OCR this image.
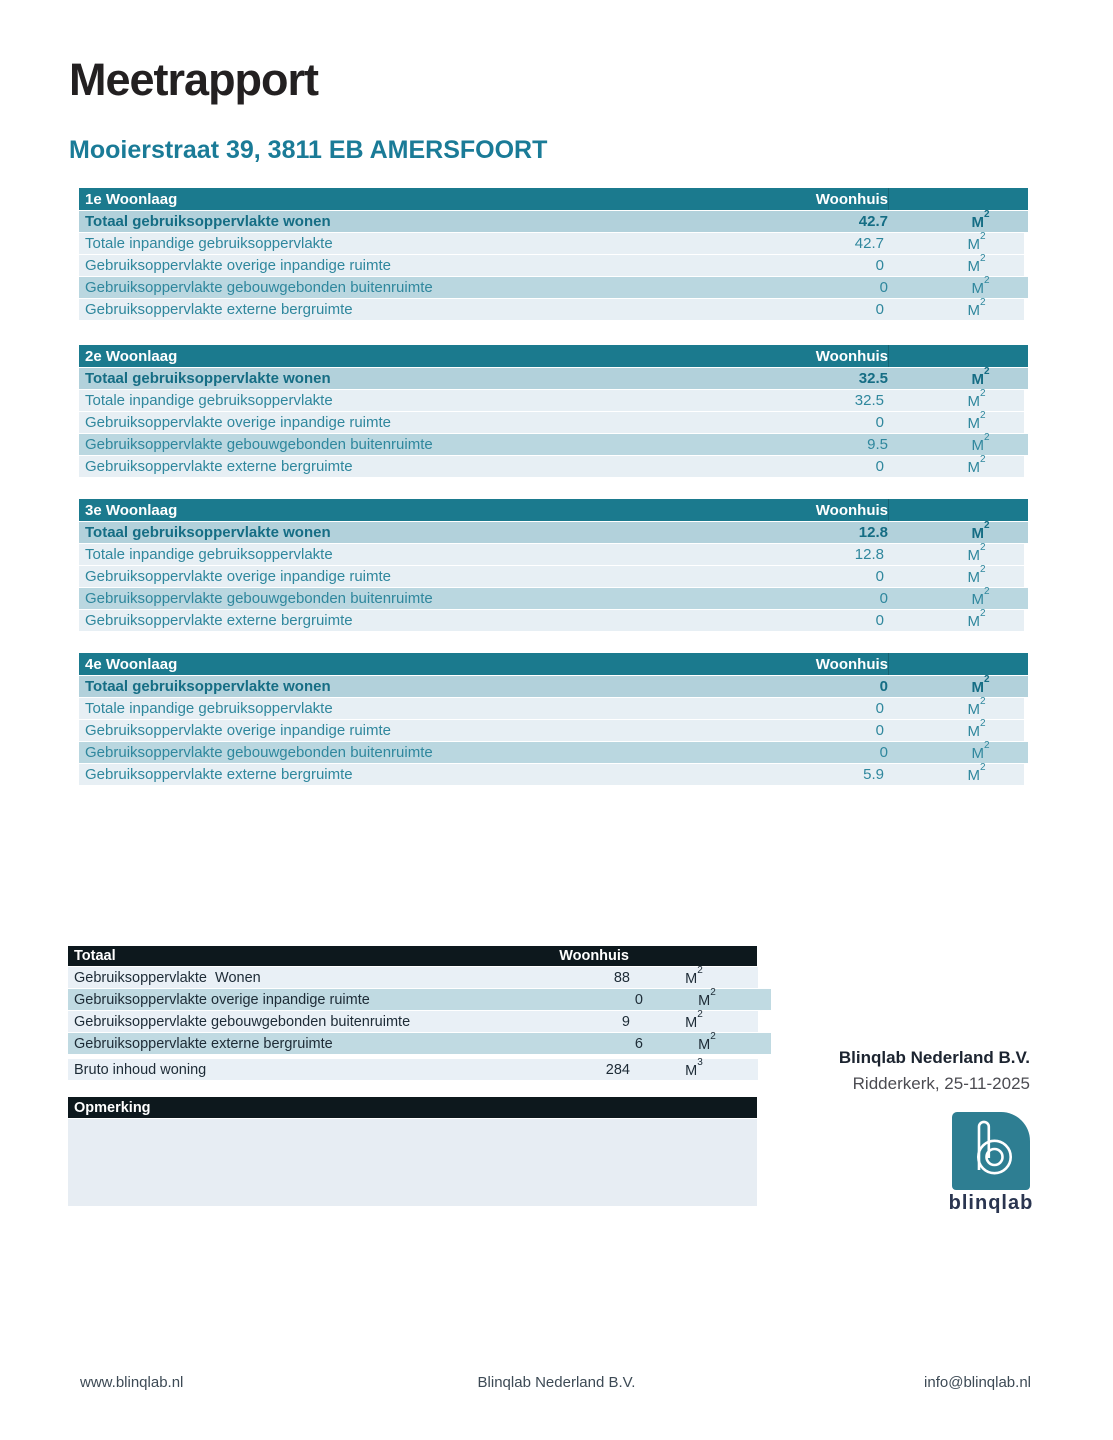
Meetrapport
Mooierstraat 39, 3811 EB AMERSFOORT
1e Woonlaag	Woonhuis
Totaal gebruiksoppervlakte wonen	42.7	$M^2$
Totale inpandige gebruiksoppervlakte	42.7	$M^2$
Gebruiksoppervlakte overige inpandige ruimte	0	$M^2$
Gebruiksoppervlakte gebouwgebonden buitenruimte	0	$M^2$
Gebruiksoppervlakte externe bergruimte	0	$M^2$
2e Woonlaag	Woonhuis
Totaal gebruiksoppervlakte wonen	32.5	$M^2$
Totale inpandige gebruiksoppervlakte	32.5	$M^2$
Gebruiksoppervlakte overige inpandige ruimte	0	$M^2$
Gebruiksoppervlakte gebouwgebonden buitenruimte	9.5	$M^2$
Gebruiksoppervlakte externe bergruimte	0	$M^2$
3e Woonlaag	Woonhuis
Totaal gebruiksoppervlakte wonen	12.8	$M^2$
Totale inpandige gebruiksoppervlakte	12.8	$M^2$
Gebruiksoppervlakte overige inpandige ruimte	0	$M^2$
Gebruiksoppervlakte gebouwgebonden buitenruimte	0	$M^2$
Gebruiksoppervlakte externe bergruimte	0	$M^2$
4e Woonlaag	Woonhuis
Totaal gebruiksoppervlakte wonen	0	$M^2$
Totale inpandige gebruiksoppervlakte	0	$M^2$
Gebruiksoppervlakte overige inpandige ruimte	0	$M^2$
Gebruiksoppervlakte gebouwgebonden buitenruimte	0	$M^2$
Gebruiksoppervlakte externe bergruimte	5.9	$M^2$
Totaal	Woonhuis
Gebruiksoppervlakte  Wonen	88	$M^2$
Gebruiksoppervlakte overige inpandige ruimte	0	$M^2$
Gebruiksoppervlakte gebouwgebonden buitenruimte	9	$M^2$
Gebruiksoppervlakte externe bergruimte	6	$M^2$
Bruto inhoud woning	284	$M^3$
Opmerking
Blinqlab Nederland B.V.
Ridderkerk, 25-11-2025
blinqlab
www.blinqlab.nl	Blinqlab Nederland B.V.	info@blinqlab.nl
